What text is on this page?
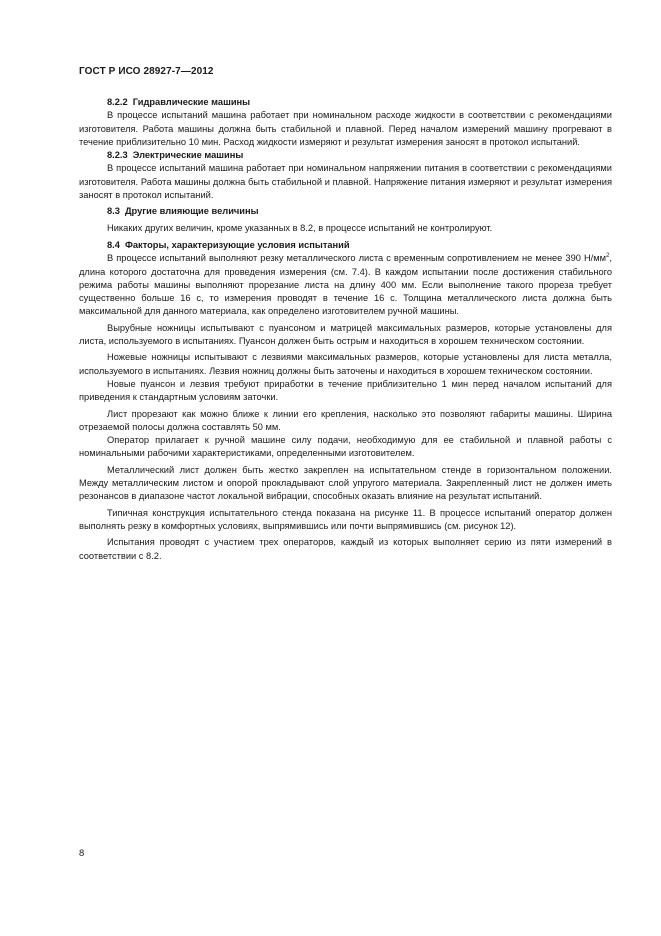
ГОСТ Р ИСО 28927-7—2012
8.2.2 Гидравлические машины

В процессе испытаний машина работает при номинальном расходе жидкости в соответствии с рекомендациями изготовителя. Работа машины должна быть стабильной и плавной. Перед началом измерений машину прогревают в течение приблизительно 10 мин. Расход жидкости измеряют и результат измерения заносят в протокол испытаний.

8.2.3 Электрические машины

В процессе испытаний машина работает при номинальном напряжении питания в соответствии с рекомендациями изготовителя. Работа машины должна быть стабильной и плавной. Напряжение питания измеряют и результат измерения заносят в протокол испытаний.

8.3 Другие влияющие величины

Никаких других величин, кроме указанных в 8.2, в процессе испытаний не контролируют.

8.4 Факторы, характеризующие условия испытаний

В процессе испытаний выполняют резку металлического листа с временным сопротивлением не менее 390 $Н/мм^2$, длина которого достаточна для проведения измерения (см. 7.4). В каждом испытании после достижения стабильного режима работы машины выполняют прорезание листа на длину 400 мм. Если выполнение такого прореза требует существенно больше 16 с, то измерения проводят в течение 16 с. Толщина металлического листа должна быть максимальной для данного материала, как определено изготовителем ручной машины.

Вырубные ножницы испытывают с пуансоном и матрицей максимальных размеров, которые установлены для листа, используемого в испытаниях. Пуансон должен быть острым и находиться в хорошем техническом состоянии.

Ножевые ножницы испытывают с лезвиями максимальных размеров, которые установлены для листа металла, используемого в испытаниях. Лезвия ножниц должны быть заточены и находиться в хорошем техническом состоянии.

Новые пуансон и лезвия требуют приработки в течение приблизительно 1 мин перед началом испытаний для приведения к стандартным условиям заточки.

Лист прорезают как можно ближе к линии его крепления, насколько это позволяют габариты машины. Ширина отрезаемой полосы должна составлять 50 мм.

Оператор прилагает к ручной машине силу подачи, необходимую для ее стабильной и плавной работы с номинальными рабочими характеристиками, определенными изготовителем.

Металлический лист должен быть жестко закреплен на испытательном стенде в горизонтальном положении. Между металлическим листом и опорой прокладывают слой упругого материала. Закрепленный лист не должен иметь резонансов в диапазоне частот локальной вибрации, способных оказать влияние на результат испытаний.

Типичная конструкция испытательного стенда показана на рисунке 11. В процессе испытаний оператор должен выполнять резку в комфортных условиях, выпрямившись или почти выпрямившись (см. рисунок 12).

Испытания проводят с участием трех операторов, каждый из которых выполняет серию из пяти измерений в соответствии с 8.2.

8
